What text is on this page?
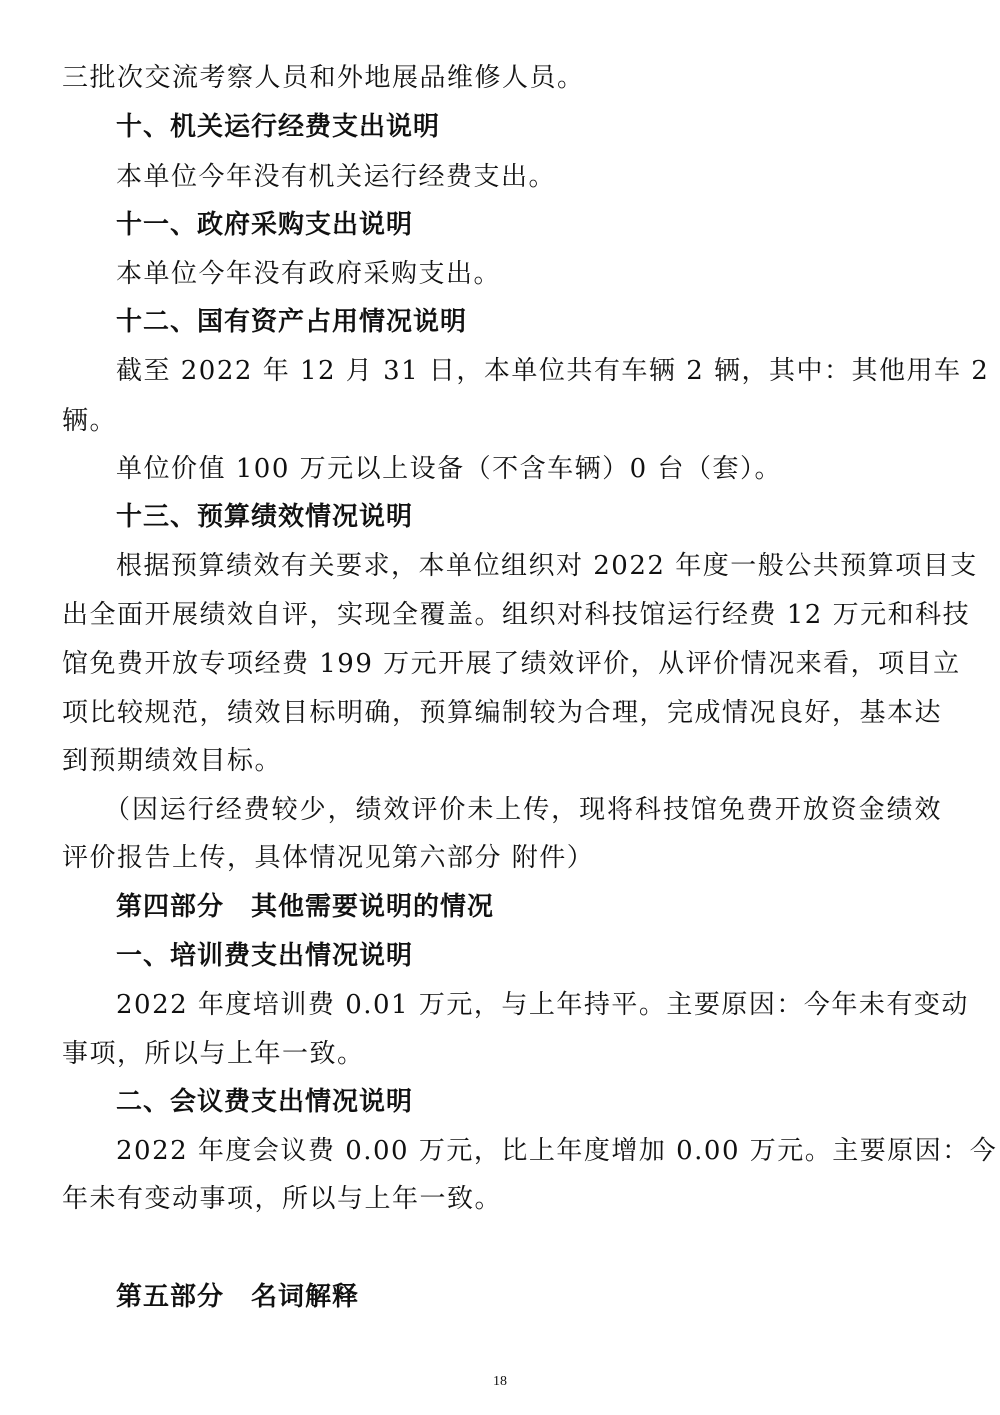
三批次交流考察人员和外地展品维修人员。
十、机关运行经费支出说明
本单位今年没有机关运行经费支出。
十一、政府采购支出说明
本单位今年没有政府采购支出。
十二、国有资产占用情况说明
截至 2022 年 12 月 31 日，本单位共有车辆 2 辆，其中：其他用车 2
辆。
单位价值 100 万元以上设备（不含车辆）0 台（套）。
十三、预算绩效情况说明
根据预算绩效有关要求，本单位组织对 2022 年度一般公共预算项目支
出全面开展绩效自评，实现全覆盖。组织对科技馆运行经费 12 万元和科技
馆免费开放专项经费 199 万元开展了绩效评价，从评价情况来看，项目立
项比较规范，绩效目标明确，预算编制较为合理，完成情况良好，基本达
到预期绩效目标。
（因运行经费较少，绩效评价未上传，现将科技馆免费开放资金绩效
评价报告上传，具体情况见第六部分 附件）
第四部分　其他需要说明的情况
一、培训费支出情况说明
2022 年度培训费 0.01 万元，与上年持平。主要原因：今年未有变动
事项，所以与上年一致。
二、会议费支出情况说明
2022 年度会议费 0.00 万元，比上年度增加 0.00 万元。主要原因：今
年未有变动事项，所以与上年一致。
第五部分　名词解释
18
